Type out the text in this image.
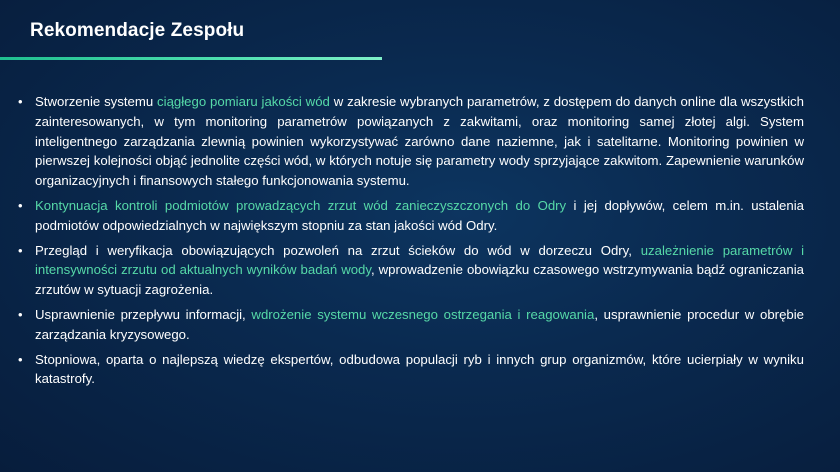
Rekomendacje Zespołu
• Stworzenie systemu ciągłego pomiaru jakości wód w zakresie wybranych parametrów, z dostępem do danych online dla wszystkich zainteresowanych, w tym monitoring parametrów powiązanych z zakwitami, oraz monitoring samej złotej algi. System inteligentnego zarządzania zlewnią powinien wykorzystywać zarówno dane naziemne, jak i satelitarne. Monitoring powinien w pierwszej kolejności objąć jednolite części wód, w których notuje się parametry wody sprzyjające zakwitom. Zapewnienie warunków organizacyjnych i finansowych stałego funkcjonowania systemu.
• Kontynuacja kontroli podmiotów prowadzących zrzut wód zanieczyszczonych do Odry i jej dopływów, celem m.in. ustalenia podmiotów odpowiedzialnych w największym stopniu za stan jakości wód Odry.
• Przegląd i weryfikacja obowiązujących pozwoleń na zrzut ścieków do wód w dorzeczu Odry, uzależnienie parametrów i intensywności zrzutu od aktualnych wyników badań wody, wprowadzenie obowiązku czasowego wstrzymywania bądź ograniczania zrzutów w sytuacji zagrożenia.
• Usprawnienie przepływu informacji, wdrożenie systemu wczesnego ostrzegania i reagowania, usprawnienie procedur w obrębie zarządzania kryzysowego.
• Stopniowa, oparta o najlepszą wiedzę ekspertów, odbudowa populacji ryb i innych grup organizmów, które ucierpiały w wyniku katastrofy.
